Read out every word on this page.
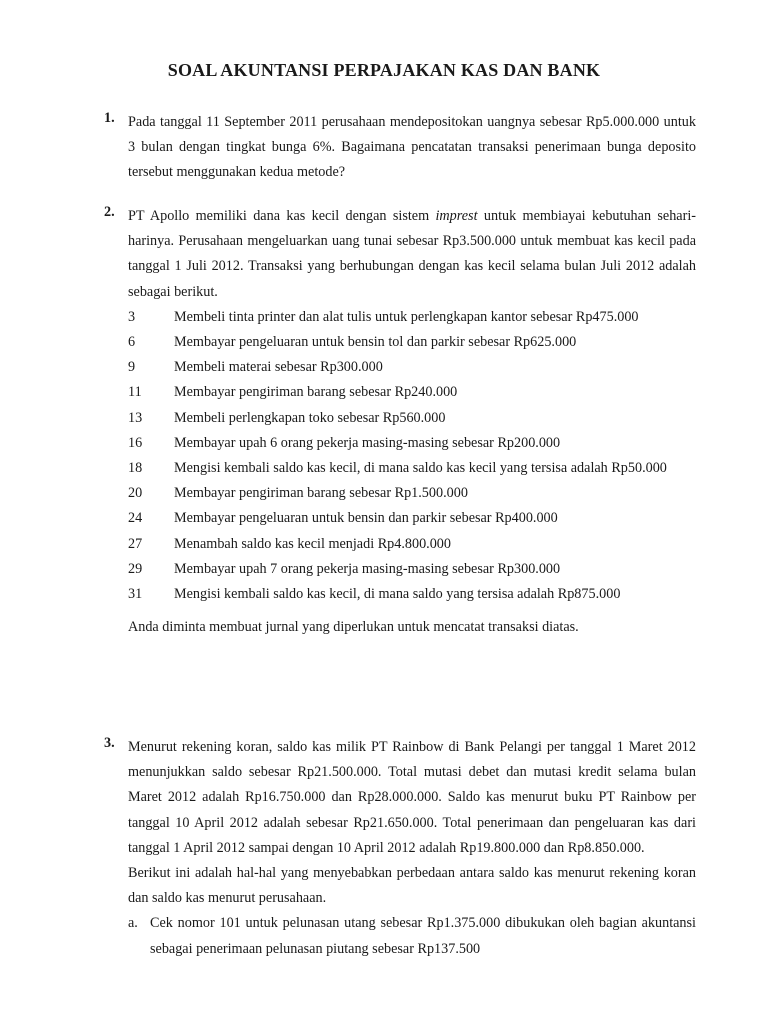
SOAL AKUNTANSI PERPAJAKAN KAS DAN BANK
1. Pada tanggal 11 September 2011 perusahaan mendepositokan uangnya sebesar Rp5.000.000 untuk 3 bulan dengan tingkat bunga 6%. Bagaimana pencatatan transaksi penerimaan bunga deposito tersebut menggunakan kedua metode?
2. PT Apollo memiliki dana kas kecil dengan sistem imprest untuk membiayai kebutuhan sehari-harinya. Perusahaan mengeluarkan uang tunai sebesar Rp3.500.000 untuk membuat kas kecil pada tanggal 1 Juli 2012. Transaksi yang berhubungan dengan kas kecil selama bulan Juli 2012 adalah sebagai berikut.
3	Membeli tinta printer dan alat tulis untuk perlengkapan kantor sebesar Rp475.000
6	Membayar pengeluaran untuk bensin tol dan parkir sebesar Rp625.000
9	Membeli materai sebesar Rp300.000
11	Membayar pengiriman barang sebesar Rp240.000
13	Membeli perlengkapan toko sebesar Rp560.000
16	Membayar upah 6 orang pekerja masing-masing sebesar Rp200.000
18	Mengisi kembali saldo kas kecil, di mana saldo kas kecil yang tersisa adalah Rp50.000
20	Membayar pengiriman barang sebesar Rp1.500.000
24	Membayar pengeluaran untuk bensin dan parkir sebesar Rp400.000
27	Menambah saldo kas kecil menjadi Rp4.800.000
29	Membayar upah 7 orang pekerja masing-masing sebesar Rp300.000
31	Mengisi kembali saldo kas kecil, di mana saldo yang tersisa adalah Rp875.000
Anda diminta membuat jurnal yang diperlukan untuk mencatat transaksi diatas.
3. Menurut rekening koran, saldo kas milik PT Rainbow di Bank Pelangi per tanggal 1 Maret 2012 menunjukkan saldo sebesar Rp21.500.000. Total mutasi debet dan mutasi kredit selama bulan Maret 2012 adalah Rp16.750.000 dan Rp28.000.000. Saldo kas menurut buku PT Rainbow per tanggal 10 April 2012 adalah sebesar Rp21.650.000. Total penerimaan dan pengeluaran kas dari tanggal 1 April 2012 sampai dengan 10 April 2012 adalah Rp19.800.000 dan Rp8.850.000.
Berikut ini adalah hal-hal yang menyebabkan perbedaan antara saldo kas menurut rekening koran dan saldo kas menurut perusahaan.
a. Cek nomor 101 untuk pelunasan utang sebesar Rp1.375.000 dibukukan oleh bagian akuntansi sebagai penerimaan pelunasan piutang sebesar Rp137.500
